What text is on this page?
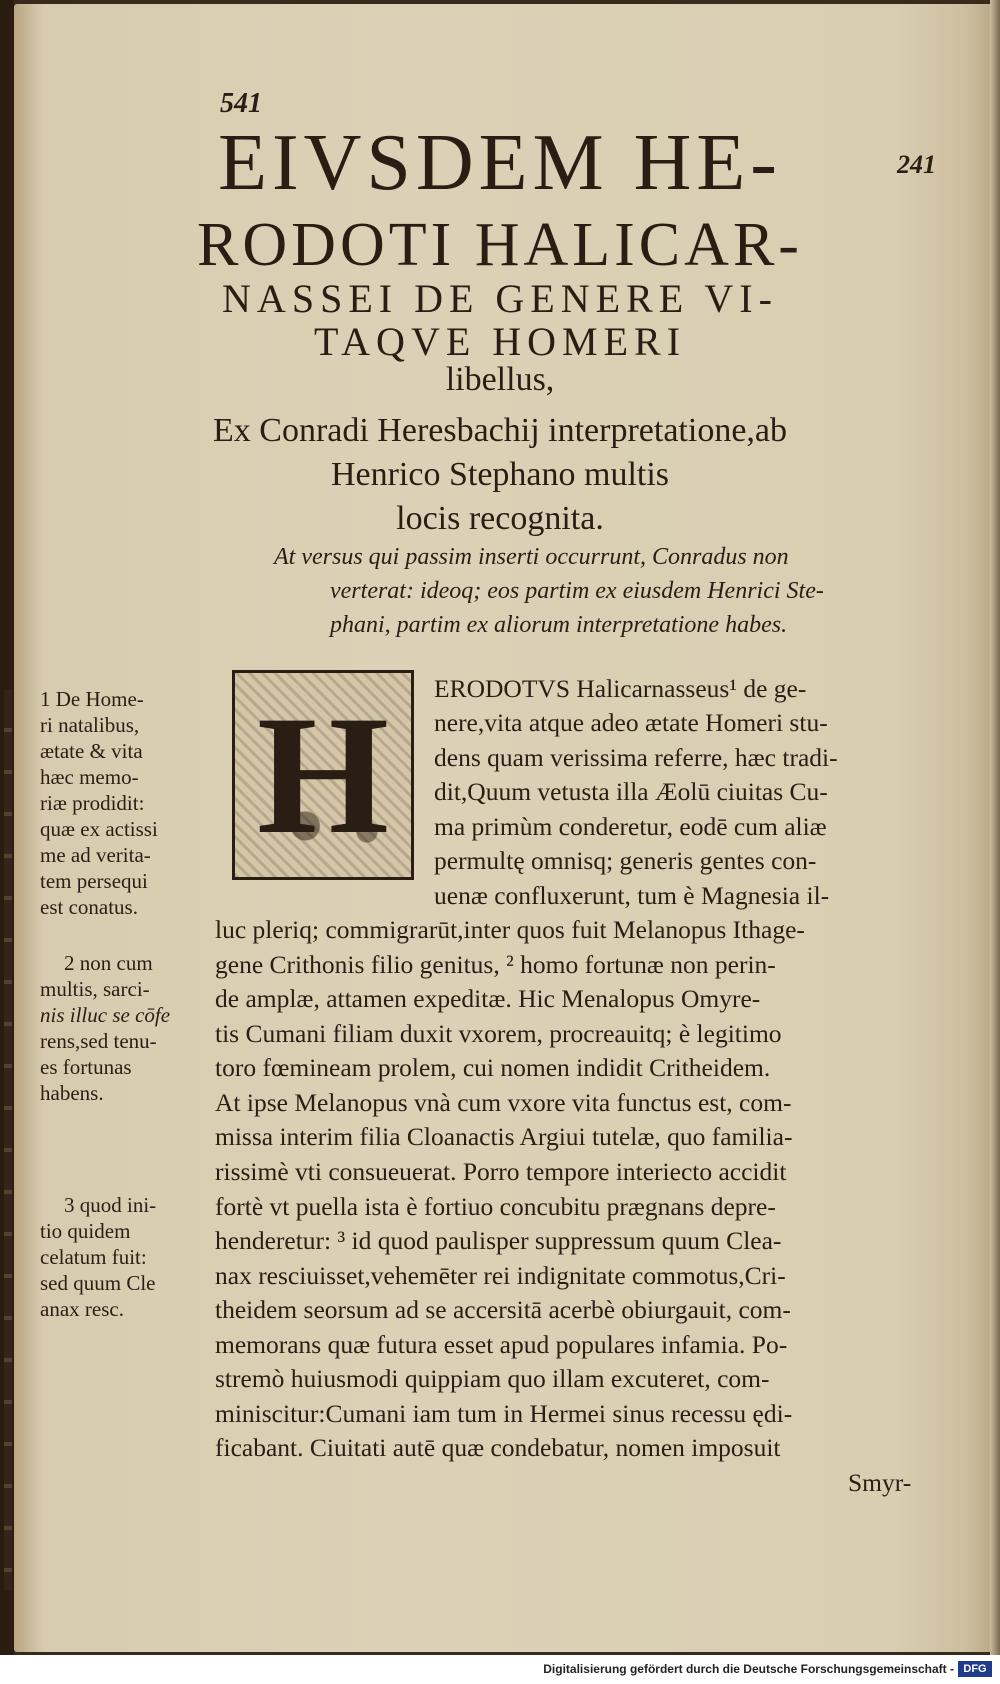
541
241
EIVSDEM HE-
RODOTI HALICAR-
NASSEI DE GENERE VI-
TAQVE HOMERI
libellus,
Ex Conradi Heresbachij interpretatione,ab
Henrico Stephano multis
locis recognita.
At versus qui passim inserti occurrunt, Conradus non
verterat: ideoq; eos partim ex eiusdem Henrici Ste-
phani, partim ex aliorum interpretatione habes.
H	ERODOTVS Halicarnasseus¹ de ge-
nere,vita atque adeo ætate Homeri stu-
dens quam verissima referre, hæc tradi-
dit,Quum vetusta illa Æolū ciuitas Cu-
ma primùm conderetur, eodē cum aliæ
permultę omnisq; generis gentes con-
uenæ confluxerunt, tum è Magnesia il-
luc pleriq; commigrarūt,inter quos fuit Melanopus Ithage-
gene Crithonis filio genitus, ² homo fortunæ non perin-
de amplæ, attamen expeditæ. Hic Menalopus Omyre-
tis Cumani filiam duxit vxorem, procreauitq; è legitimo
toro fœmineam prolem, cui nomen indidit Critheidem.
At ipse Melanopus vnà cum vxore vita functus est, com-
missa interim filia Cloanactis Argiui tutelæ, quo familia-
rissimè vti consueuerat. Porro tempore interiecto accidit
fortè vt puella ista è fortiuo concubitu prægnans depre-
henderetur: ³ id quod paulisper suppressum quum Clea-
nax resciuisset,vehemēter rei indignitate commotus,Cri-
theidem seorsum ad se accersitā acerbè obiurgauit, com-
memorans quæ futura esset apud populares infamia. Po-
stremò huiusmodi quippiam quo illam excuteret, com-
miniscitur:Cumani iam tum in Hermei sinus recessu ędi-
ficabant. Ciuitati autē quæ condebatur, nomen imposuit
Smyr-
1 De Home-
ri natalibus,
ætate & vita
hæc memo-
riæ prodidit:
quæ ex actissi
me ad verita-
tem persequi
est conatus.
2 non cum
multis, sarci-
nis illuc se cōfe
rens,sed tenu-
es fortunas
habens.
3 quod ini-
tio quidem
celatum fuit:
sed quum Cle
anax resc.
Digitalisierung gefördert durch die Deutsche Forschungsgemeinschaft - DFG
